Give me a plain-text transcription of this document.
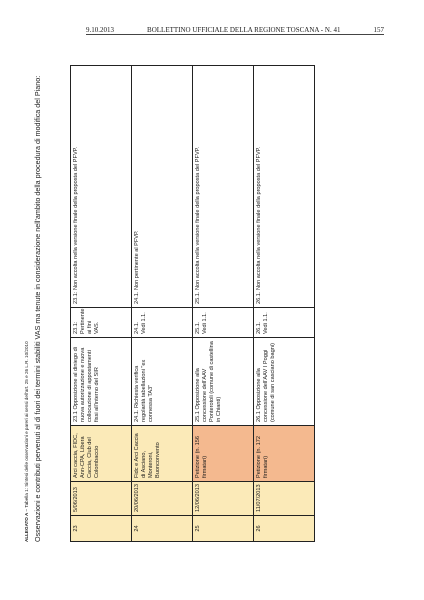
9.10.2013	BOLLETTINO UFFICIALE DELLA REGIONE TOSCANA - N. 41	157
ALLEGATO A – Tabella 1: Sintesi delle osservazioni e pareri ai sensi dell'art. 25 e 26 L.R. 10/2010 Osservazioni e contributi pervenuti al di fuori dei termini stabiliti VAS ma tenute in considerazione nell'ambito della procedura di modifica del Piano:	23	5/06/2013	Arci caccia, FIDC, Ann-CPA, Libera Caccia, Club del Colombaccio	23.1 Opposizione al diniego di nuova autorizzazione e nuova collocazione di appostamenti fissi all'interno del SIR	23.1: Pertinente ai fini VAS.	23.1: Non accolta nella versione finale della proposta del PFVP.
24	20/06/2013	Fidc e Arci Caccia di Asciano, Monteroni, Buonconvento	24.1. Richiesta verifica regolarità tabellazioni "ex connessa TA3"	24.1. Vedi 1.1.	24.1. Non pertinente al PFVP.
25	12/06/2013	Petizione (n. 156 firmatari)	25.1 Opposizione alla concessione dell'AAV Ponterotoli (comune di castellina in Chianti)	25.1. Vedi 1.1.	25.1. Non accolta nella versione finale della proposta del PFVP.
26	11/07/2013	Petizione (n. 172 firmatari)	26.1 Opposizione alla concessione dell'AAV I Poggi (comune di san casciano bagni)	26.1. Vedi 1.1.	26.1. Non accolta nella versione finale della proposta del PFVP.
